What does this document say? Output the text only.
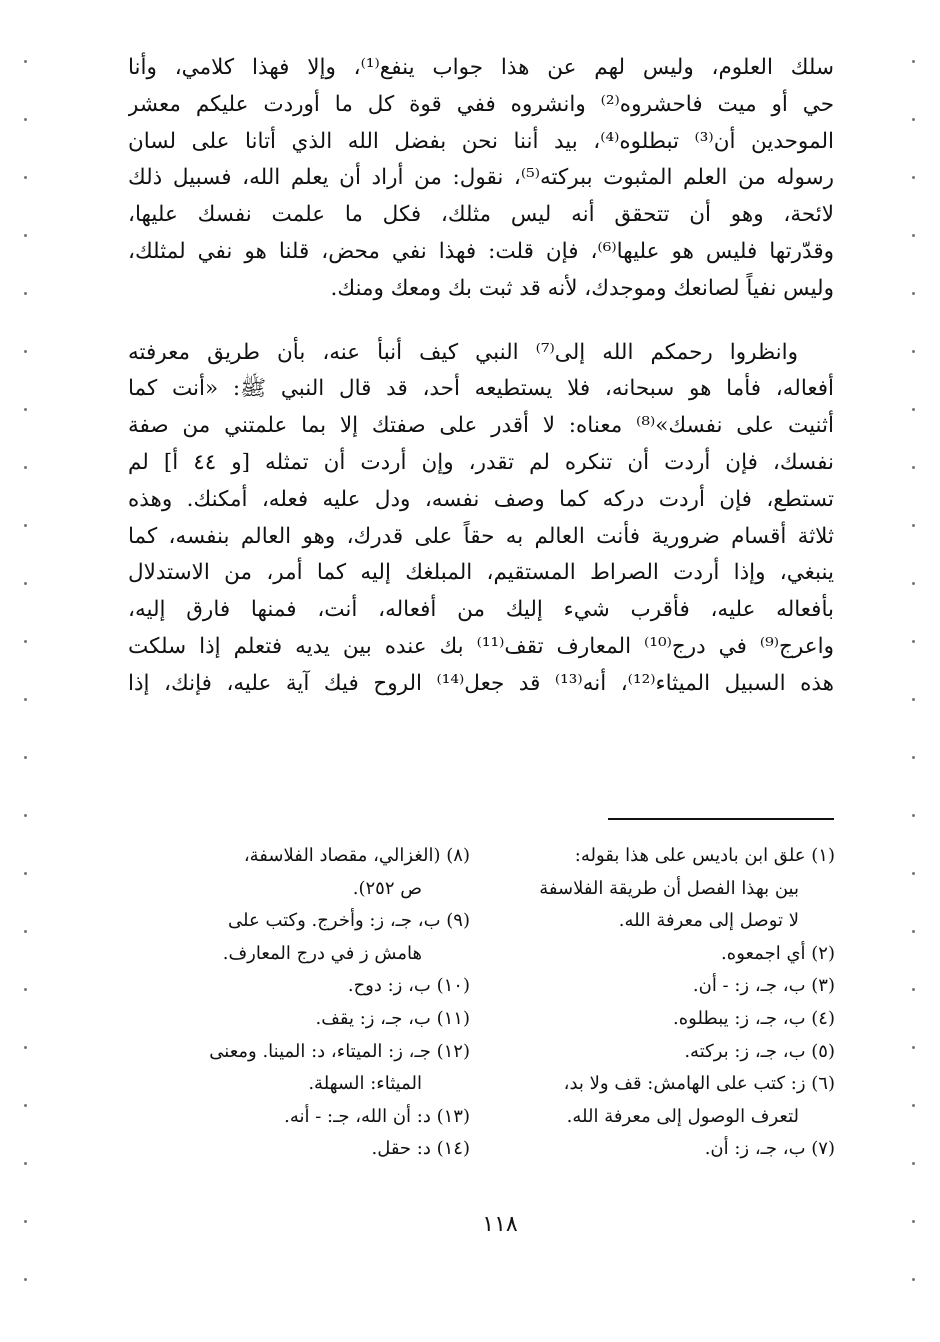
سلك العلوم، وليس لهم عن هذا جواب ينفع⁽¹⁾، وإلا فهذا كلامي، وأنا
حي أو ميت فاحشروه⁽²⁾ وانشروه ففي قوة كل ما أوردت عليكم معشر
الموحدين أن⁽³⁾ تبطلوه⁽⁴⁾، بيد أننا نحن بفضل الله الذي أتانا على لسان
رسوله من العلم المثبوت ببركته⁽⁵⁾، نقول: من أراد أن يعلم الله، فسبيل ذلك
لائحة، وهو أن تتحقق أنه ليس مثلك، فكل ما علمت نفسك عليها،
وقدّرتها فليس هو عليها⁽⁶⁾، فإن قلت: فهذا نفي محض، قلنا هو نفي لمثلك،
وليس نفياً لصانعك وموجدك، لأنه قد ثبت بك ومعك ومنك.
وانظروا رحمكم الله إلى⁽⁷⁾ النبي كيف أنبأ عنه، بأن طريق معرفته
أفعاله، فأما هو سبحانه، فلا يستطيعه أحد، قد قال النبي ﷺ: «أنت كما
أثنيت على نفسك»⁽⁸⁾ معناه: لا أقدر على صفتك إلا بما علمتني من صفة
نفسك، فإن أردت أن تنكره لم تقدر، وإن أردت أن تمثله [و ٤٤ أ] لم
تستطع، فإن أردت دركه كما وصف نفسه، ودل عليه فعله، أمكنك. وهذه
ثلاثة أقسام ضرورية فأنت العالم به حقاً على قدرك، وهو العالم بنفسه، كما
ينبغي، وإذا أردت الصراط المستقيم، المبلغك إليه كما أمر، من الاستدلال
بأفعاله عليه، فأقرب شيء إليك من أفعاله، أنت، فمنها فارق إليه،
واعرج⁽⁹⁾ في درج⁽¹⁰⁾ المعارف تقف⁽¹¹⁾ بك عنده بين يديه فتعلم إذا سلكت
هذه السبيل الميثاء⁽¹²⁾، أنه⁽¹³⁾ قد جعل⁽¹⁴⁾ الروح فيك آية عليه، فإنك، إذا
(١) علق ابن باديس على هذا بقوله:
بين بهذا الفصل أن طريقة الفلاسفة
لا توصل إلى معرفة الله.
(٢) أي اجمعوه.
(٣) ب، جـ، ز: - أن.
(٤) ب، جـ، ز: يبطلوه.
(٥) ب، جـ، ز: بركته.
(٦) ز: كتب على الهامش: قف ولا بد،
لتعرف الوصول إلى معرفة الله.
(٧) ب، جـ، ز: أن.
(٨) (الغزالي، مقصاد الفلاسفة،
ص ٢٥٢).
(٩) ب، جـ، ز: وأخرج. وكتب على
هامش ز في درج المعارف.
(١٠) ب، ز: دوح.
(١١) ب، جـ، ز: يقف.
(١٢) جـ، ز: الميتاء، د: المينا. ومعنى
الميثاء: السهلة.
(١٣) د: أن الله، جـ: - أنه.
(١٤) د: حقل.
١١٨
